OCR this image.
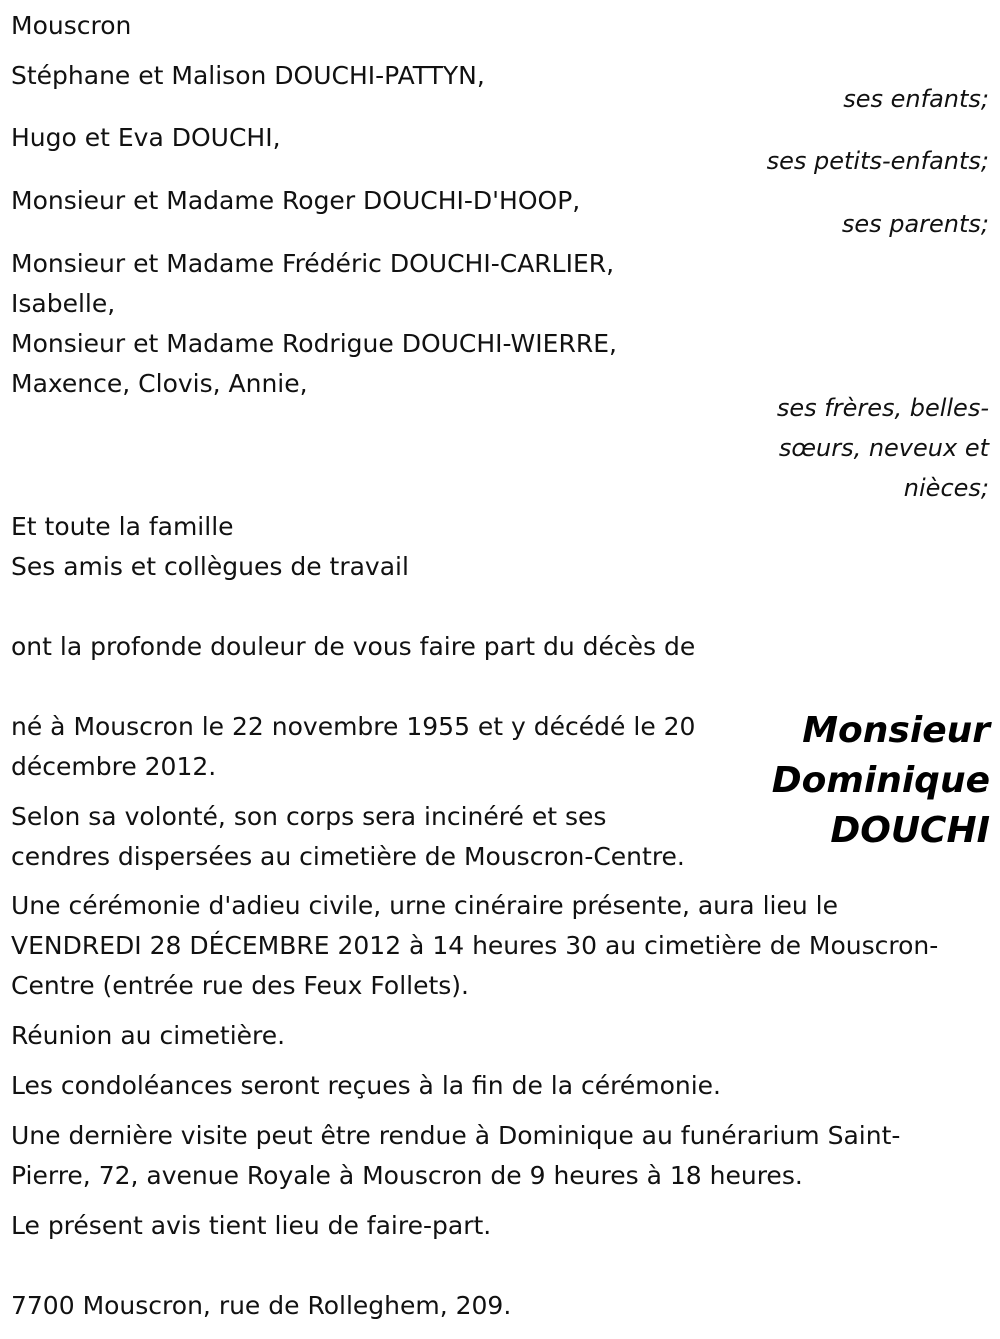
Mouscron

Stéphane et Malison DOUCHI-PATTYN,

ses enfants;

Hugo et Eva DOUCHI,

ses petits-enfants;

Monsieur et Madame Roger DOUCHI-D'HOOP,

ses parents;

Monsieur et Madame Frédéric DOUCHI-CARLIER,

Isabelle,

Monsieur et Madame Rodrigue DOUCHI-WIERRE,

Maxence, Clovis, Annie,

ses frères, belles-

sœurs, neveux et

nièces;

Et toute la famille

Ses amis et collègues de travail

ont la profonde douleur de vous faire part du décès de

Monsieur
Dominique
DOUCHI

né à Mouscron le 22 novembre 1955 et y décédé le 20

décembre 2012.

Selon sa volonté, son corps sera incinéré et ses

cendres dispersées au cimetière de Mouscron-Centre.

Une cérémonie d'adieu civile, urne cinéraire présente, aura lieu le

VENDREDI 28 DÉCEMBRE 2012 à 14 heures 30 au cimetière de Mouscron-

Centre (entrée rue des Feux Follets).

Réunion au cimetière.

Les condoléances seront reçues à la fin de la cérémonie.

Une dernière visite peut être rendue à Dominique au funérarium Saint-

Pierre, 72, avenue Royale à Mouscron de 9 heures à 18 heures.

Le présent avis tient lieu de faire-part.

7700 Mouscron, rue de Rolleghem, 209.
